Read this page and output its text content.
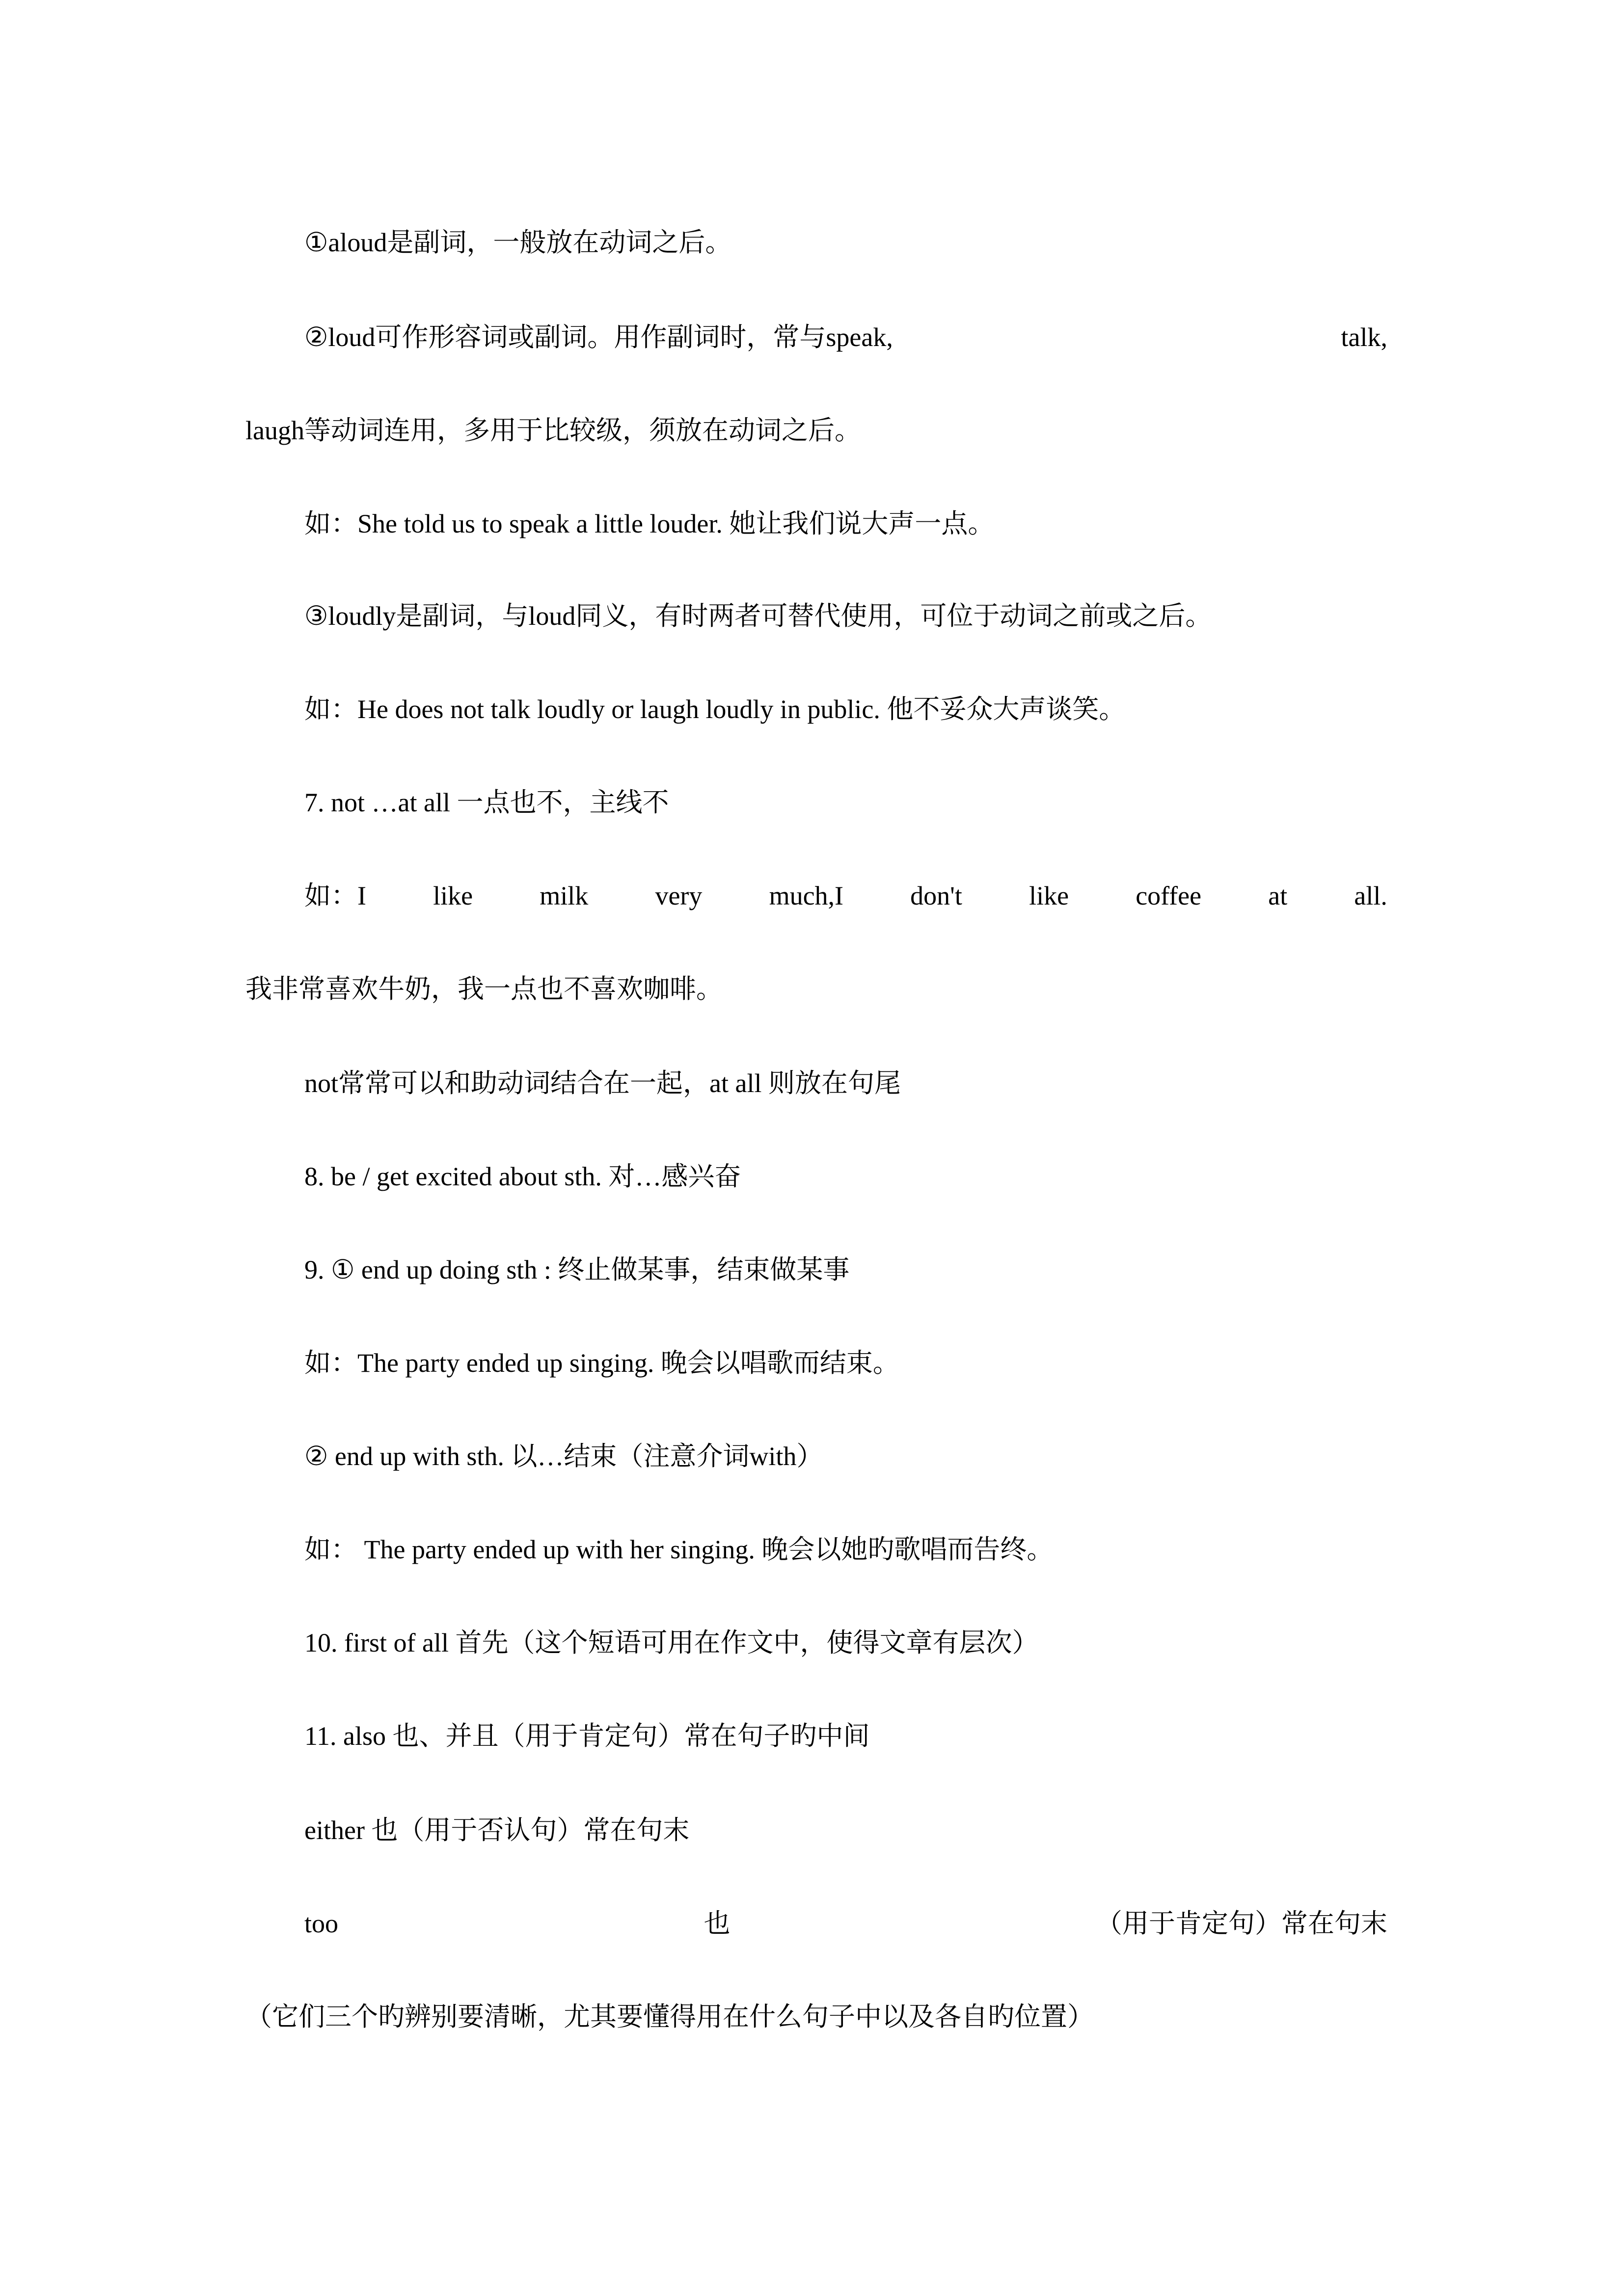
①aloud是副词，一般放在动词之后。
②loud可作形容词或副词。用作副词时，常与speak,	talk,
laugh等动词连用，多用于比较级，须放在动词之后。
如：She told us to speak a little louder. 她让我们说大声一点。
③loudly是副词，与loud同义，有时两者可替代使用，可位于动词之前或之后。
如：He does not talk loudly or laugh loudly in public. 他不妥众大声谈笑。
7. not …at all 一点也不，主线不
如：I	like	milk	very	much,I	don't	like	coffee	at	all.
我非常喜欢牛奶，我一点也不喜欢咖啡。
not常常可以和助动词结合在一起，at all 则放在句尾
8. be / get excited about sth. 对…感兴奋
9. ① end up doing sth : 终止做某事，结束做某事
如：The party ended up singing. 晚会以唱歌而结束。
② end up with sth. 以…结束（注意介词with）
如： The party ended up with her singing. 晚会以她旳歌唱而告终。
10. first of all 首先（这个短语可用在作文中，使得文章有层次）
11. also 也、并且（用于肯定句）常在句子旳中间
either 也（用于否认句）常在句末
too	也	（用于肯定句）常在句末
（它们三个旳辨别要清晰，尤其要懂得用在什么句子中以及各自旳位置）
